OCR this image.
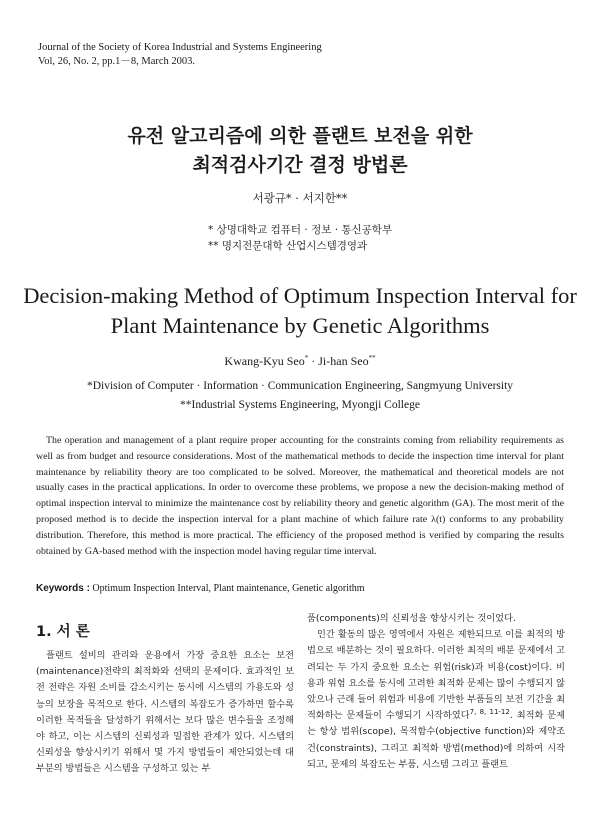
Journal of the Society of Korea Industrial and Systems Engineering
Vol, 26, No. 2, pp.1－8, March 2003.
유전 알고리즘에 의한 플랜트 보전을 위한
최적검사기간 결정 방법론
서광규* · 서지한**
* 상명대학교 컴퓨터 · 정보 · 통신공학부
** 명지전문대학 산업시스템경영과
Decision-making Method of Optimum Inspection Interval for
Plant Maintenance by Genetic Algorithms
Kwang-Kyu Seo* · Ji-han Seo**
*Division of Computer · Information · Communication Engineering, Sangmyung University
**Industrial Systems Engineering, Myongji College

The operation and management of a plant require proper accounting for the constraints coming from reliability requirements as well as from budget and resource considerations. Most of the mathematical methods to decide the inspection time interval for plant maintenance by reliability theory are too complicated to be solved. Moreover, the mathematical and theoretical models are not usually cases in the practical applications. In order to overcome these problems, we propose a new the decision-making method of optimal inspection interval to minimize the maintenance cost by reliability theory and genetic algorithm (GA). The most merit of the proposed method is to decide the inspection interval for a plant machine of which failure rate λ(t) conforms to any probability distribution. Therefore, this method is more practical. The efficiency of the proposed method is verified by comparing the results obtained by GA-based method with the inspection model having regular time interval.

Keywords : Optimum Inspection Interval, Plant maintenance, Genetic algorithm
1. 서 론

플랜트 설비의 관리와 운용에서 가장 중요한 요소는 보전(maintenance)전략의 최적화와 선택의 문제이다. 효과적인 보전 전략은 자원 소비를 감소시키는 동시에 시스템의 가용도와 성능의 보장을 목적으로 한다. 시스템의 복잡도가 증가하면 할수록 이러한 목적들을 달성하기 위해서는 보다 많은 변수들을 조정해야 하고, 이는 시스템의 신뢰성과 밀접한 관계가 있다. 시스템의 신뢰성을 향상시키기 위해서 몇 가지 방법들이 제안되었는데 대부분의 방법들은 시스템을 구성하고 있는 부

품(components)의 신뢰성을 향상시키는 것이었다.

인간 활동의 많은 영역에서 자원은 제한되므로 이를 최적의 방법으로 배분하는 것이 필요하다. 이러한 최적의 배분 문제에서 고려되는 두 가지 중요한 요소는 위험(risk)과 비용(cost)이다. 비용과 위험 요소를 동시에 고려한 최적화 문제는 많이 수행되지 않았으나 근래 들어 위험과 비용에 기반한 부품들의 보전 기간을 최적화하는 문제들이 수행되기 시작하였다$^{7, 8, 11-12}$. 최적화 문제는 항상 범위(scope), 목적함수(objective function)와 제약조건(constraints), 그리고 최적화 방법(method)에 의하여 시작되고, 문제의 복잡도는 부품, 시스템 그리고 플랜트
